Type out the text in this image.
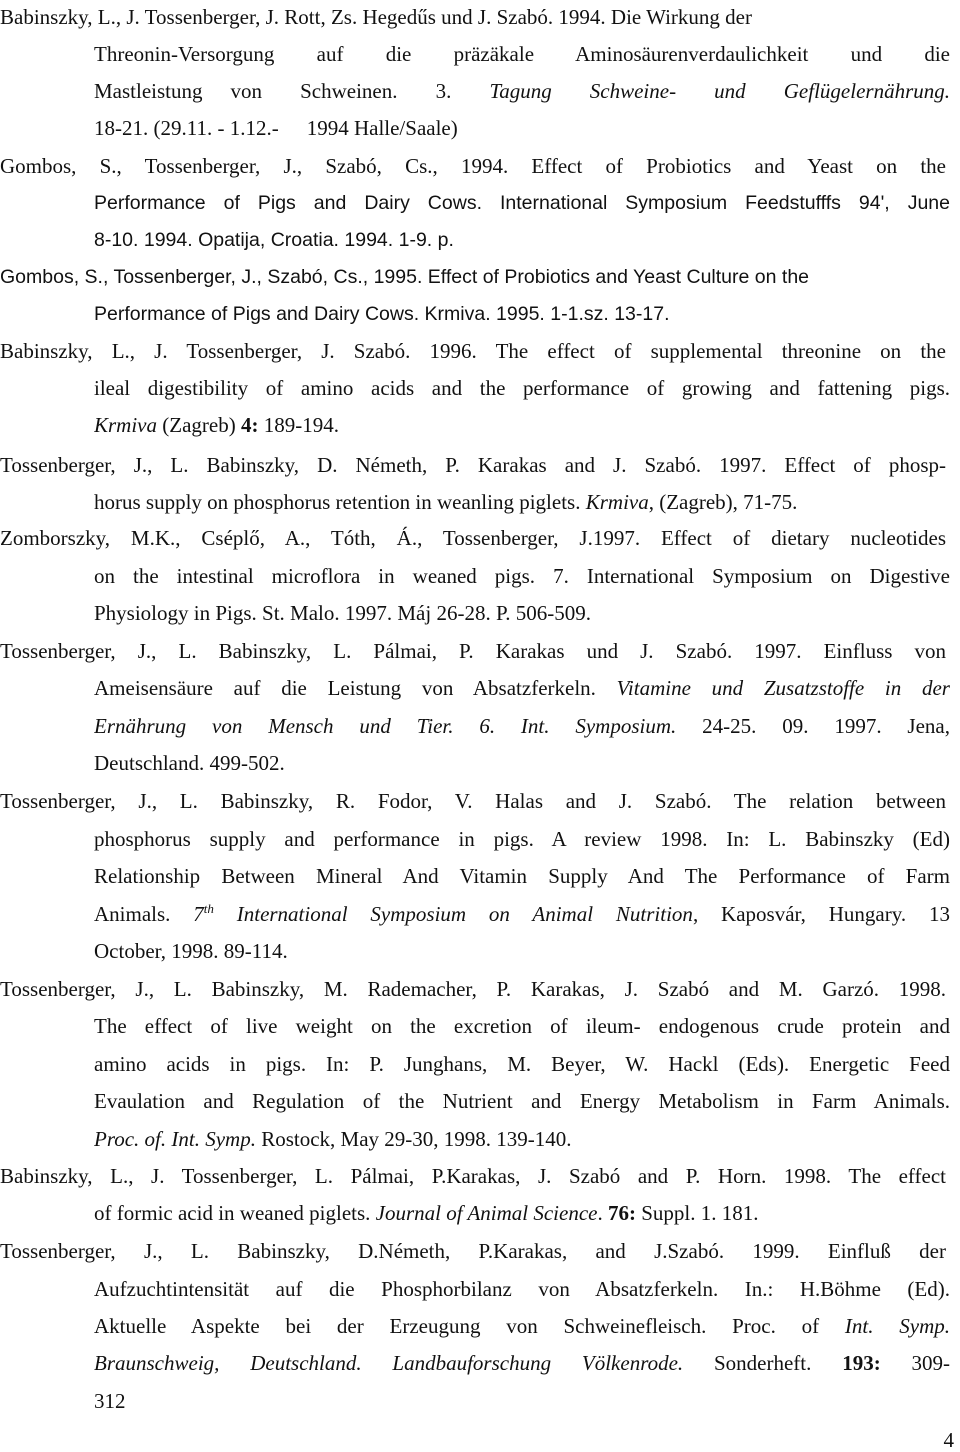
Babinszky, L., J. Tossenberger, J. Rott, Zs. Hegedűs und J. Szabó. 1994. Die Wirkung der
Threonin-Versorgung auf die präzäkale Aminosäurenverdaulichkeit und die
Mastleistung von Schweinen. 3. Tagung Schweine- und Geflügelernährung.
18-21. (29.11. - 1.12.- 1994 Halle/Saale)
Gombos, S., Tossenberger, J., Szabó, Cs., 1994. Effect of Probiotics and Yeast on the
Performance of Pigs and Dairy Cows. International Symposium Feedstufffs 94', June
8-10. 1994. Opatija, Croatia. 1994. 1-9. p.
Gombos, S., Tossenberger, J., Szabó, Cs., 1995. Effect of Probiotics and Yeast Culture on the
Performance of Pigs and Dairy Cows. Krmiva. 1995. 1-1.sz. 13-17.
Babinszky, L., J. Tossenberger, J. Szabó. 1996. The effect of supplemental threonine on the
ileal digestibility of amino acids and the performance of growing and fattening pigs.
Krmiva (Zagreb) 4: 189-194.
Tossenberger, J., L. Babinszky, D. Németh, P. Karakas and J. Szabó. 1997. Effect of phosp-
horus supply on phosphorus retention in weanling piglets. Krmiva, (Zagreb), 71-75.
Zomborszky, M.K., Cséplő, A., Tóth, Á., Tossenberger, J.1997. Effect of dietary nucleotides
on the intestinal microflora in weaned pigs. 7. International Symposium on Digestive
Physiology in Pigs. St. Malo. 1997. Máj 26-28. P. 506-509.
Tossenberger, J., L. Babinszky, L. Pálmai, P. Karakas und J. Szabó. 1997. Einfluss von
Ameisensäure auf die Leistung von Absatzferkeln. Vitamine und Zusatzstoffe in der
Ernährung von Mensch und Tier. 6. Int. Symposium. 24-25. 09. 1997. Jena,
Deutschland. 499-502.
Tossenberger, J., L. Babinszky, R. Fodor, V. Halas and J. Szabó. The relation between
phosphorus supply and performance in pigs. A review 1998. In: L. Babinszky (Ed)
Relationship Between Mineral And Vitamin Supply And The Performance of Farm
Animals. 7th International Symposium on Animal Nutrition, Kaposvár, Hungary. 13
October, 1998. 89-114.
Tossenberger, J., L. Babinszky, M. Rademacher, P. Karakas, J. Szabó and M. Garzó. 1998.
The effect of live weight on the excretion of ileum- endogenous crude protein and
amino acids in pigs. In: P. Junghans, M. Beyer, W. Hackl (Eds). Energetic Feed
Evaulation and Regulation of the Nutrient and Energy Metabolism in Farm Animals.
Proc. of. Int. Symp. Rostock, May 29-30, 1998. 139-140.
Babinszky, L., J. Tossenberger, L. Pálmai, P.Karakas, J. Szabó and P. Horn. 1998. The effect
of formic acid in weaned piglets. Journal of Animal Science. 76: Suppl. 1. 181.
Tossenberger, J., L. Babinszky, D.Németh, P.Karakas, and J.Szabó. 1999. Einfluß der
Aufzuchtintensität auf die Phosphorbilanz von Absatzferkeln. In.: H.Böhme (Ed).
Aktuelle Aspekte bei der Erzeugung von Schweinefleisch. Proc. of Int. Symp.
Braunschweig, Deutschland. Landbauforschung Völkenrode. Sonderheft. 193: 309-
312
4
